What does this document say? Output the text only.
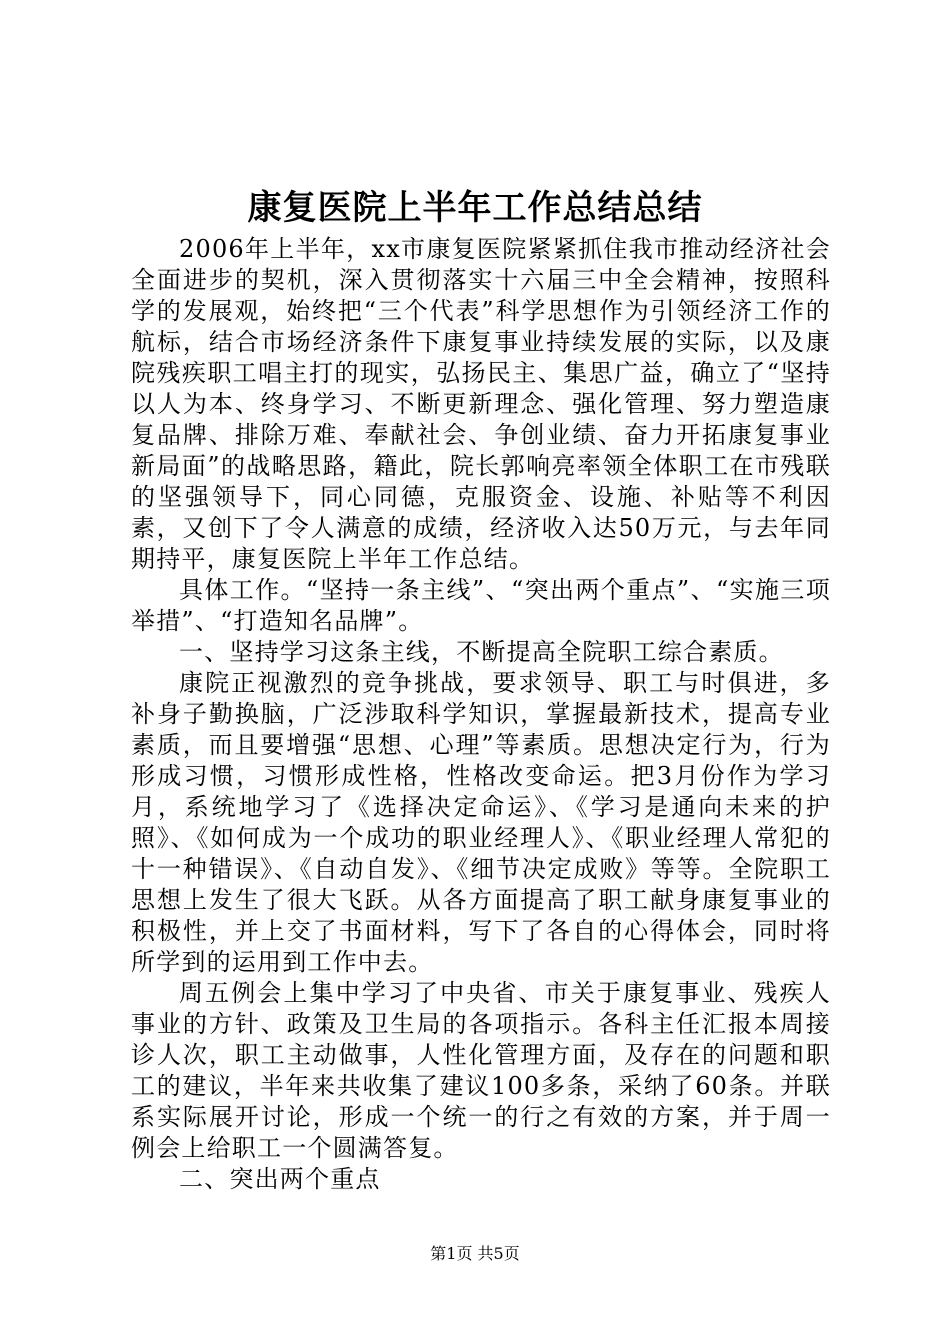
康复医院上半年工作总结总结

2006年上半年，xx市康复医院紧紧抓住我市推动经济社会全面进步的契机，深入贯彻落实十六届三中全会精神，按照科学的发展观，始终把“三个代表”科学思想作为引领经济工作的航标，结合市场经济条件下康复事业持续发展的实际，以及康院残疾职工唱主打的现实，弘扬民主、集思广益，确立了“坚持以人为本、终身学习、不断更新理念、强化管理、努力塑造康复品牌、排除万难、奉献社会、争创业绩、奋力开拓康复事业新局面”的战略思路，籍此，院长郭响亮率领全体职工在市残联的坚强领导下，同心同德，克服资金、设施、补贴等不利因素，又创下了令人满意的成绩，经济收入达50万元，与去年同期持平，康复医院上半年工作总结。

具体工作。“坚持一条主线”、“突出两个重点”、“实施三项举措”、“打造知名品牌”。

一、坚持学习这条主线，不断提高全院职工综合素质。

康院正视激烈的竞争挑战，要求领导、职工与时俱进，多补身子勤换脑，广泛涉取科学知识，掌握最新技术，提高专业素质，而且要增强“思想、心理”等素质。思想决定行为，行为形成习惯，习惯形成性格，性格改变命运。把3月份作为学习月，系统地学习了《选择决定命运》、《学习是通向未来的护照》、《如何成为一个成功的职业经理人》、《职业经理人常犯的十一种错误》、《自动自发》、《细节决定成败》等等。全院职工思想上发生了很大飞跃。从各方面提高了职工献身康复事业的积极性，并上交了书面材料，写下了各自的心得体会，同时将所学到的运用到工作中去。

周五例会上集中学习了中央省、市关于康复事业、残疾人事业的方针、政策及卫生局的各项指示。各科主任汇报本周接诊人次，职工主动做事，人性化管理方面，及存在的问题和职工的建议，半年来共收集了建议100多条，采纳了60条。并联系实际展开讨论，形成一个统一的行之有效的方案，并于周一例会上给职工一个圆满答复。

二、突出两个重点

第1页 共5页
